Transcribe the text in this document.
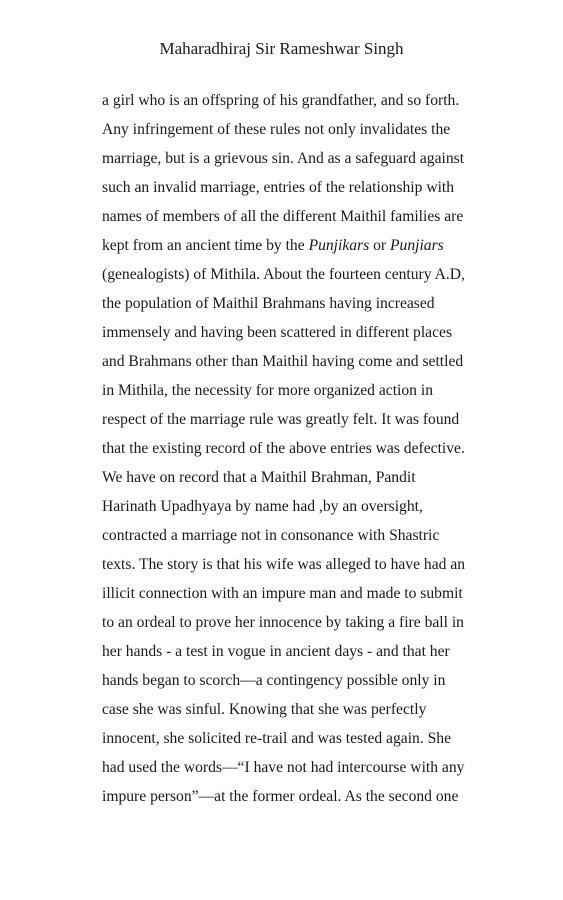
Maharadhiraj Sir Rameshwar Singh
a girl who is an offspring of his grandfather, and so forth.
Any infringement of these rules not only invalidates the
marriage, but is a grievous sin. And as a safeguard against
such an invalid marriage, entries of the relationship with
names of members of all the different Maithil families are
kept from an ancient time by the Punjikars or Punjiars
(genealogists) of Mithila. About the fourteen century A.D,
the population of Maithil Brahmans having increased
immensely and having been scattered in different places
and Brahmans other than Maithil having come and settled
in Mithila, the necessity for more organized action in
respect of the marriage rule was greatly felt. It was found
that the existing record of the above entries was defective.
We have on record that a Maithil Brahman, Pandit
Harinath Upadhyaya by name had ,by an oversight,
contracted a marriage not in consonance with Shastric
texts. The story is that his wife was alleged to have had an
illicit connection with an impure man and made to submit
to an ordeal to prove her innocence by taking a fire ball in
her hands - a test in vogue in ancient days - and that her
hands began to scorch—a contingency possible only in
case she was sinful. Knowing that she was perfectly
innocent, she solicited re-trail and was tested again. She
had used the words—“I have not had intercourse with any
impure person”—at the former ordeal. As the second one
